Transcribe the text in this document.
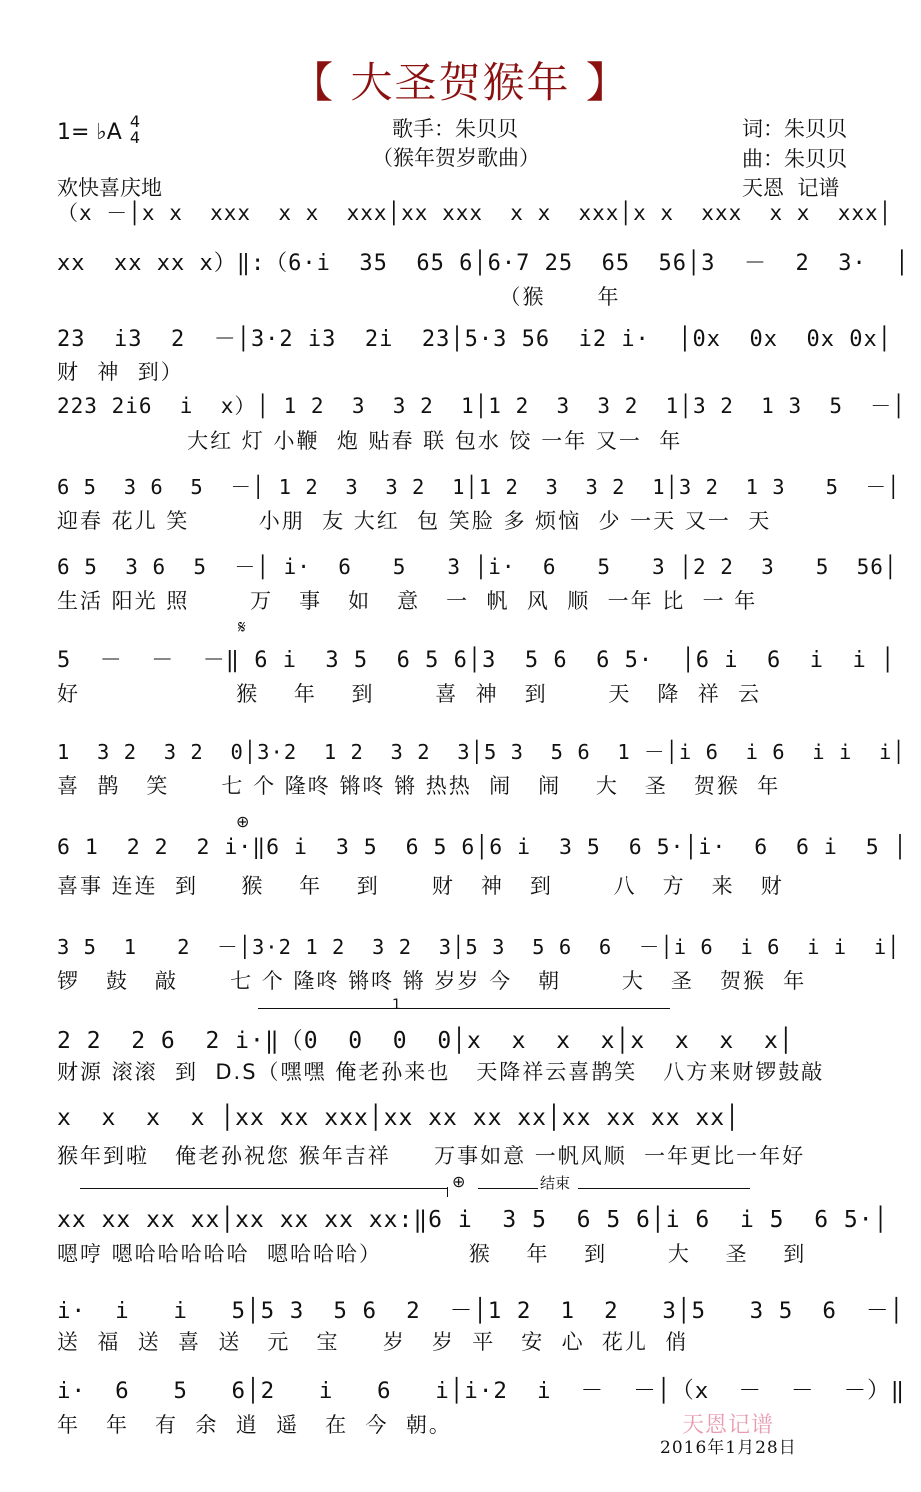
【 大圣贺猴年 】
1= ♭A 4
4	歌手：朱贝贝
（猴年贺岁歌曲）
词：朱贝贝
曲：朱贝贝
欢快喜庆地	天恩  记谱
（x －│x x  xxx  x x  xxx│xx xxx  x x  xxx│x x  xxx  x x  xxx│
xx  xx xx x）‖:（6·i  35  65 6│6·7 25  65  56│3  －  2  3·  │
（猴      年
23  i3  2  －│3·2 i3  2i  23│5·3 56  i2 i·  │0x  0x  0x 0x│
财  神  到）
223 2i6  i  x）│ 1 2  3  3 2  1│1 2  3  3 2  1│3 2  1 3  5  －│
大红 灯 小鞭  炮 贴春 联 包水 饺 一年 又一  年
6 5  3 6  5  －│ 1 2  3  3 2  1│1 2  3  3 2  1│3 2  1 3   5  －│
迎春 花儿 笑        小朋  友 大红  包 笑脸 多 烦恼  少 一天 又一  天
6 5  3 6  5  －│ i·  6   5   3 │i·  6   5   3 │2 2  3   5  56│
生活 阳光 照       万   事   如   意   一  帆  风  顺  一年 比  一 年
5  －  －  －‖ 6 i  3 5  6 5 6│3  5 6  6 5·  │6 i  6  i  i │
好                  猴    年    到       喜  神   到       天   降  祥  云
1  3 2  3 2  0│3·2  1 2  3 2  3│5 3  5 6  1 －│i 6  i 6  i i  i│
喜  鹊   笑      七 个 隆咚 锵咚 锵 热热  闹   闹    大   圣   贺猴  年
6 1  2 2  2 i·‖6 i  3 5  6 5 6│6 i  3 5  6 5·│i·  6  6 i  5 │
喜事 连连  到     猴    年    到      财   神   到       八   方   来   财
3 5  1   2  －│3·2 1 2  3 2  3│5 3  5 6  6  －│i 6  i 6  i i  i│
锣   鼓   敲      七 个 隆咚 锵咚 锵 岁岁 今   朝       大   圣   贺猴  年
2 2  2 6  2 i·‖（0  0  0  0│x  x  x  x│x  x  x  x│
财源 滚滚  到  D.S（嘿嘿 俺老孙来也   天降祥云喜鹊笑   八方来财锣鼓敲
x  x  x  x │xx xx xxx│xx xx xx xx│xx xx xx xx│
猴年到啦   俺老孙祝您 猴年吉祥     万事如意 一帆风顺  一年更比一年好
xx xx xx xx│xx xx xx xx:‖6 i  3 5  6 5 6│i 6  i 5  6 5·│
嗯哼 嗯哈哈哈哈哈  嗯哈哈哈）          猴    年    到       大    圣    到
i·  i   i   5│5 3  5 6  2  －│1 2  1  2   3│5   3 5  6  －│
送  福  送  喜  送   元   宝     岁   岁  平   安  心  花儿  俏
i·  6   5   6│2   i   6   i│i·2  i  －  －│（x  －  －  －）‖
年   年   有  余  逍  遥   在  今  朝。
𝄋
⊕
⊕
1
结束
天恩记谱
2016年1月28日
